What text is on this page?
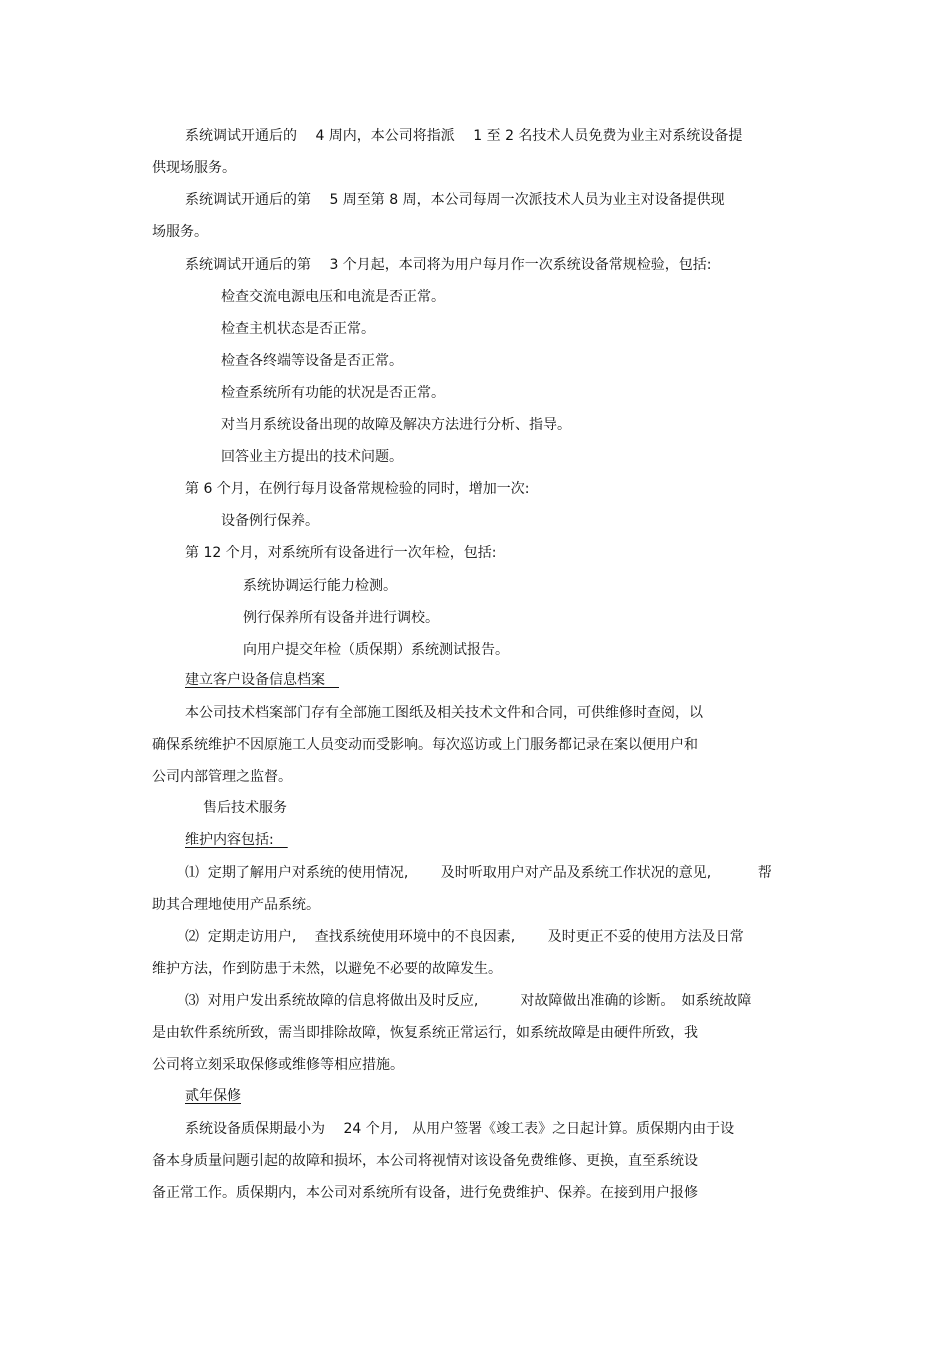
系统调试开通后的　 4 周内，本公司将指派　 1 至 2 名技术人员免费为业主对系统设备提
供现场服务。
系统调试开通后的第　 5 周至第 8 周，本公司每周一次派技术人员为业主对设备提供现
场服务。
系统调试开通后的第　 3 个月起，本司将为用户每月作一次系统设备常规检验，包括:
检查交流电源电压和电流是否正常。
检查主机状态是否正常。
检查各终端等设备是否正常。
检查系统所有功能的状况是否正常。
对当月系统设备出现的故障及解决方法进行分析、指导。
回答业主方提出的技术问题。
第 6 个月，在例行每月设备常规检验的同时，增加一次:
设备例行保养。
第 12 个月，对系统所有设备进行一次年检，包括:
系统协调运行能力检测。
例行保养所有设备并进行调校。
向用户提交年检（质保期）系统测试报告。
建立客户设备信息档案　
本公司技术档案部门存有全部施工图纸及相关技术文件和合同，可供维修时查阅，以
确保系统维护不因原施工人员变动而受影响。每次巡访或上门服务都记录在案以便用户和
公司内部管理之监督。
售后技术服务
维护内容包括:　
⑴  定期了解用户对系统的使用情况,　　 及时听取用户对产品及系统工作状况的意见,　　　 帮
助其合理地使用产品系统。
⑵  定期走访用户,　 查找系统使用环境中的不良因素,　　 及时更正不妥的使用方法及日常
维护方法，作到防患于未然，以避免不必要的故障发生。
⑶  对用户发出系统故障的信息将做出及时反应,　　　对故障做出准确的诊断。　如系统故障
是由软件系统所致，需当即排除故障，恢复系统正常运行，如系统故障是由硬件所致，我
公司将立刻采取保修或维修等相应措施。
贰年保修
系统设备质保期最小为　 24 个月,　从用户签署《竣工表》之日起计算。质保期内由于设
备本身质量问题引起的故障和损坏，本公司将视情对该设备免费维修、更换，直至系统设
备正常工作。质保期内，本公司对系统所有设备，进行免费维护、保养。在接到用户报修
